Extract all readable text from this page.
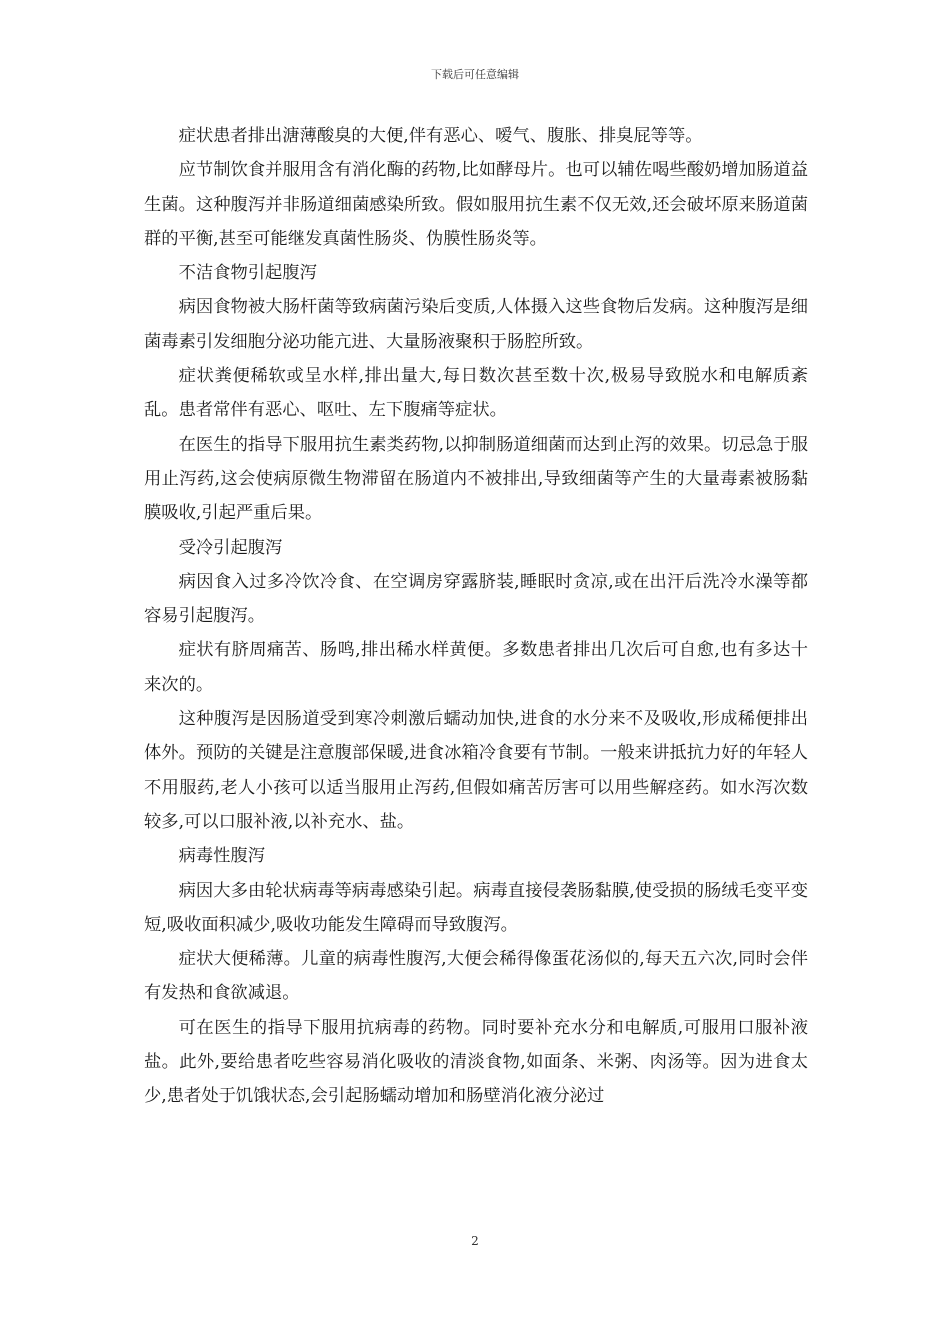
下载后可任意编辑

症状患者排出溏薄酸臭的大便,伴有恶心、嗳气、腹胀、排臭屁等等。

应节制饮食并服用含有消化酶的药物,比如酵母片。也可以辅佐喝些酸奶增加肠道益生菌。这种腹泻并非肠道细菌感染所致。假如服用抗生素不仅无效,还会破坏原来肠道菌群的平衡,甚至可能继发真菌性肠炎、伪膜性肠炎等。

不洁食物引起腹泻

病因食物被大肠杆菌等致病菌污染后变质,人体摄入这些食物后发病。这种腹泻是细菌毒素引发细胞分泌功能亢进、大量肠液聚积于肠腔所致。

症状粪便稀软或呈水样,排出量大,每日数次甚至数十次,极易导致脱水和电解质紊乱。患者常伴有恶心、呕吐、左下腹痛等症状。

在医生的指导下服用抗生素类药物,以抑制肠道细菌而达到止泻的效果。切忌急于服用止泻药,这会使病原微生物滞留在肠道内不被排出,导致细菌等产生的大量毒素被肠黏膜吸收,引起严重后果。

受冷引起腹泻

病因食入过多冷饮冷食、在空调房穿露脐装,睡眠时贪凉,或在出汗后洗冷水澡等都容易引起腹泻。

症状有脐周痛苦、肠鸣,排出稀水样黄便。多数患者排出几次后可自愈,也有多达十来次的。

这种腹泻是因肠道受到寒冷刺激后蠕动加快,进食的水分来不及吸收,形成稀便排出体外。预防的关键是注意腹部保暖,进食冰箱冷食要有节制。一般来讲抵抗力好的年轻人不用服药,老人小孩可以适当服用止泻药,但假如痛苦厉害可以用些解痉药。如水泻次数较多,可以口服补液,以补充水、盐。

病毒性腹泻

病因大多由轮状病毒等病毒感染引起。病毒直接侵袭肠黏膜,使受损的肠绒毛变平变短,吸收面积减少,吸收功能发生障碍而导致腹泻。

症状大便稀薄。儿童的病毒性腹泻,大便会稀得像蛋花汤似的,每天五六次,同时会伴有发热和食欲减退。

可在医生的指导下服用抗病毒的药物。同时要补充水分和电解质,可服用口服补液盐。此外,要给患者吃些容易消化吸收的清淡食物,如面条、米粥、肉汤等。因为进食太少,患者处于饥饿状态,会引起肠蠕动增加和肠壁消化液分泌过

2
